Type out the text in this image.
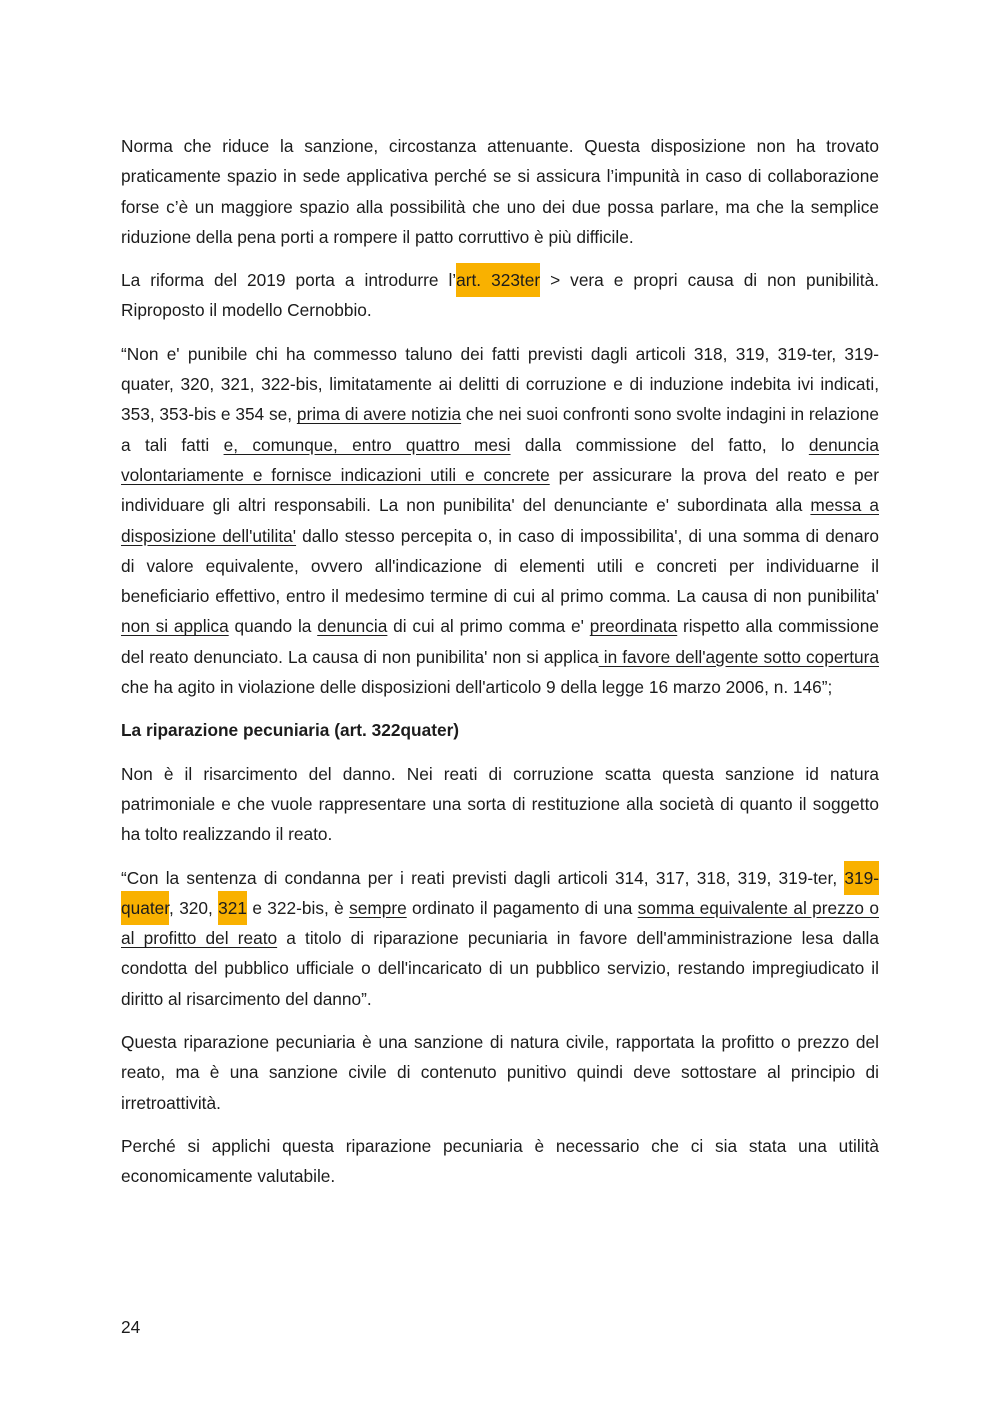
Norma che riduce la sanzione, circostanza attenuante. Questa disposizione non ha trovato praticamente spazio in sede applicativa perché se si assicura l’impunità in caso di collaborazione forse c’è un maggiore spazio alla possibilità che uno dei due possa parlare, ma che la semplice riduzione della pena porti a rompere il patto corruttivo è più difficile.

La riforma del 2019 porta a introdurre l’art. 323ter > vera e propri causa di non punibilità. Riproposto il modello Cernobbio.

“Non e' punibile chi ha commesso taluno dei fatti previsti dagli articoli 318, 319, 319-ter, 319-quater, 320, 321, 322-bis, limitatamente ai delitti di corruzione e di induzione indebita ivi indicati, 353, 353-bis e 354 se, prima di avere notizia che nei suoi confronti sono svolte indagini in relazione a tali fatti e, comunque, entro quattro mesi dalla commissione del fatto, lo denuncia volontariamente e fornisce indicazioni utili e concrete per assicurare la prova del reato e per individuare gli altri responsabili. La non punibilita' del denunciante e' subordinata alla messa a disposizione dell'utilita' dallo stesso percepita o, in caso di impossibilita', di una somma di denaro di valore equivalente, ovvero all'indicazione di elementi utili e concreti per individuarne il beneficiario effettivo, entro il medesimo termine di cui al primo comma. La causa di non punibilita' non si applica quando la denuncia di cui al primo comma e' preordinata rispetto alla commissione del reato denunciato. La causa di non punibilita' non si applica in favore dell'agente sotto copertura che ha agito in violazione delle disposizioni dell'articolo 9 della legge 16 marzo 2006, n. 146”;

La riparazione pecuniaria (art. 322quater)

Non è il risarcimento del danno. Nei reati di corruzione scatta questa sanzione id natura patrimoniale e che vuole rappresentare una sorta di restituzione alla società di quanto il soggetto ha tolto realizzando il reato.

“Con la sentenza di condanna per i reati previsti dagli articoli 314, 317, 318, 319, 319-ter, 319-quater, 320, 321 e 322-bis, è sempre ordinato il pagamento di una somma equivalente al prezzo o al profitto del reato a titolo di riparazione pecuniaria in favore dell'amministrazione lesa dalla condotta del pubblico ufficiale o dell'incaricato di un pubblico servizio, restando impregiudicato il diritto al risarcimento del danno”.

Questa riparazione pecuniaria è una sanzione di natura civile, rapportata la profitto o prezzo del reato, ma è una sanzione civile di contenuto punitivo quindi deve sottostare al principio di irretroattività.

Perché si applichi questa riparazione pecuniaria è necessario che ci sia stata una utilità economicamente valutabile.

24
